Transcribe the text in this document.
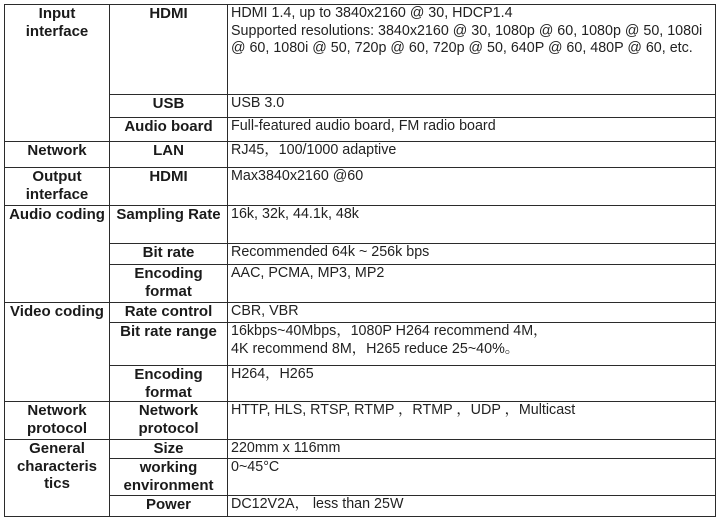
Input interface	HDMI	HDMI 1.4, up to 3840x2160 @ 30, HDCP1.4
Supported resolutions: 3840x2160 @ 30, 1080p @ 60, 1080p @ 50, 1080i @ 60, 1080i @ 50, 720p @ 60, 720p @ 50, 640P @ 60, 480P @ 60, etc.
	USB	USB 3.0
	Audio board	Full-featured audio board, FM radio board
Network	LAN	RJ45，100/1000 adaptive
Output interface	HDMI	Max3840x2160 @60
Audio coding	Sampling Rate	16k, 32k, 44.1k, 48k
	Bit rate	Recommended 64k ~ 256k bps
	Encoding format	AAC, PCMA, MP3, MP2
Video coding	Rate control	CBR, VBR
	Bit rate range	16kbps~40Mbps，1080P H264 recommend 4M，
4K recommend 8M，H265 reduce 25~40%。
	Encoding format	H264，H265
Network protocol	Network protocol	HTTP, HLS, RTSP, RTMP ，RTMP ，UDP ，Multicast
General characteris tics	Size	220mm x 116mm
	working environment	0~45°C
	Power	DC12V2A， less than 25W
